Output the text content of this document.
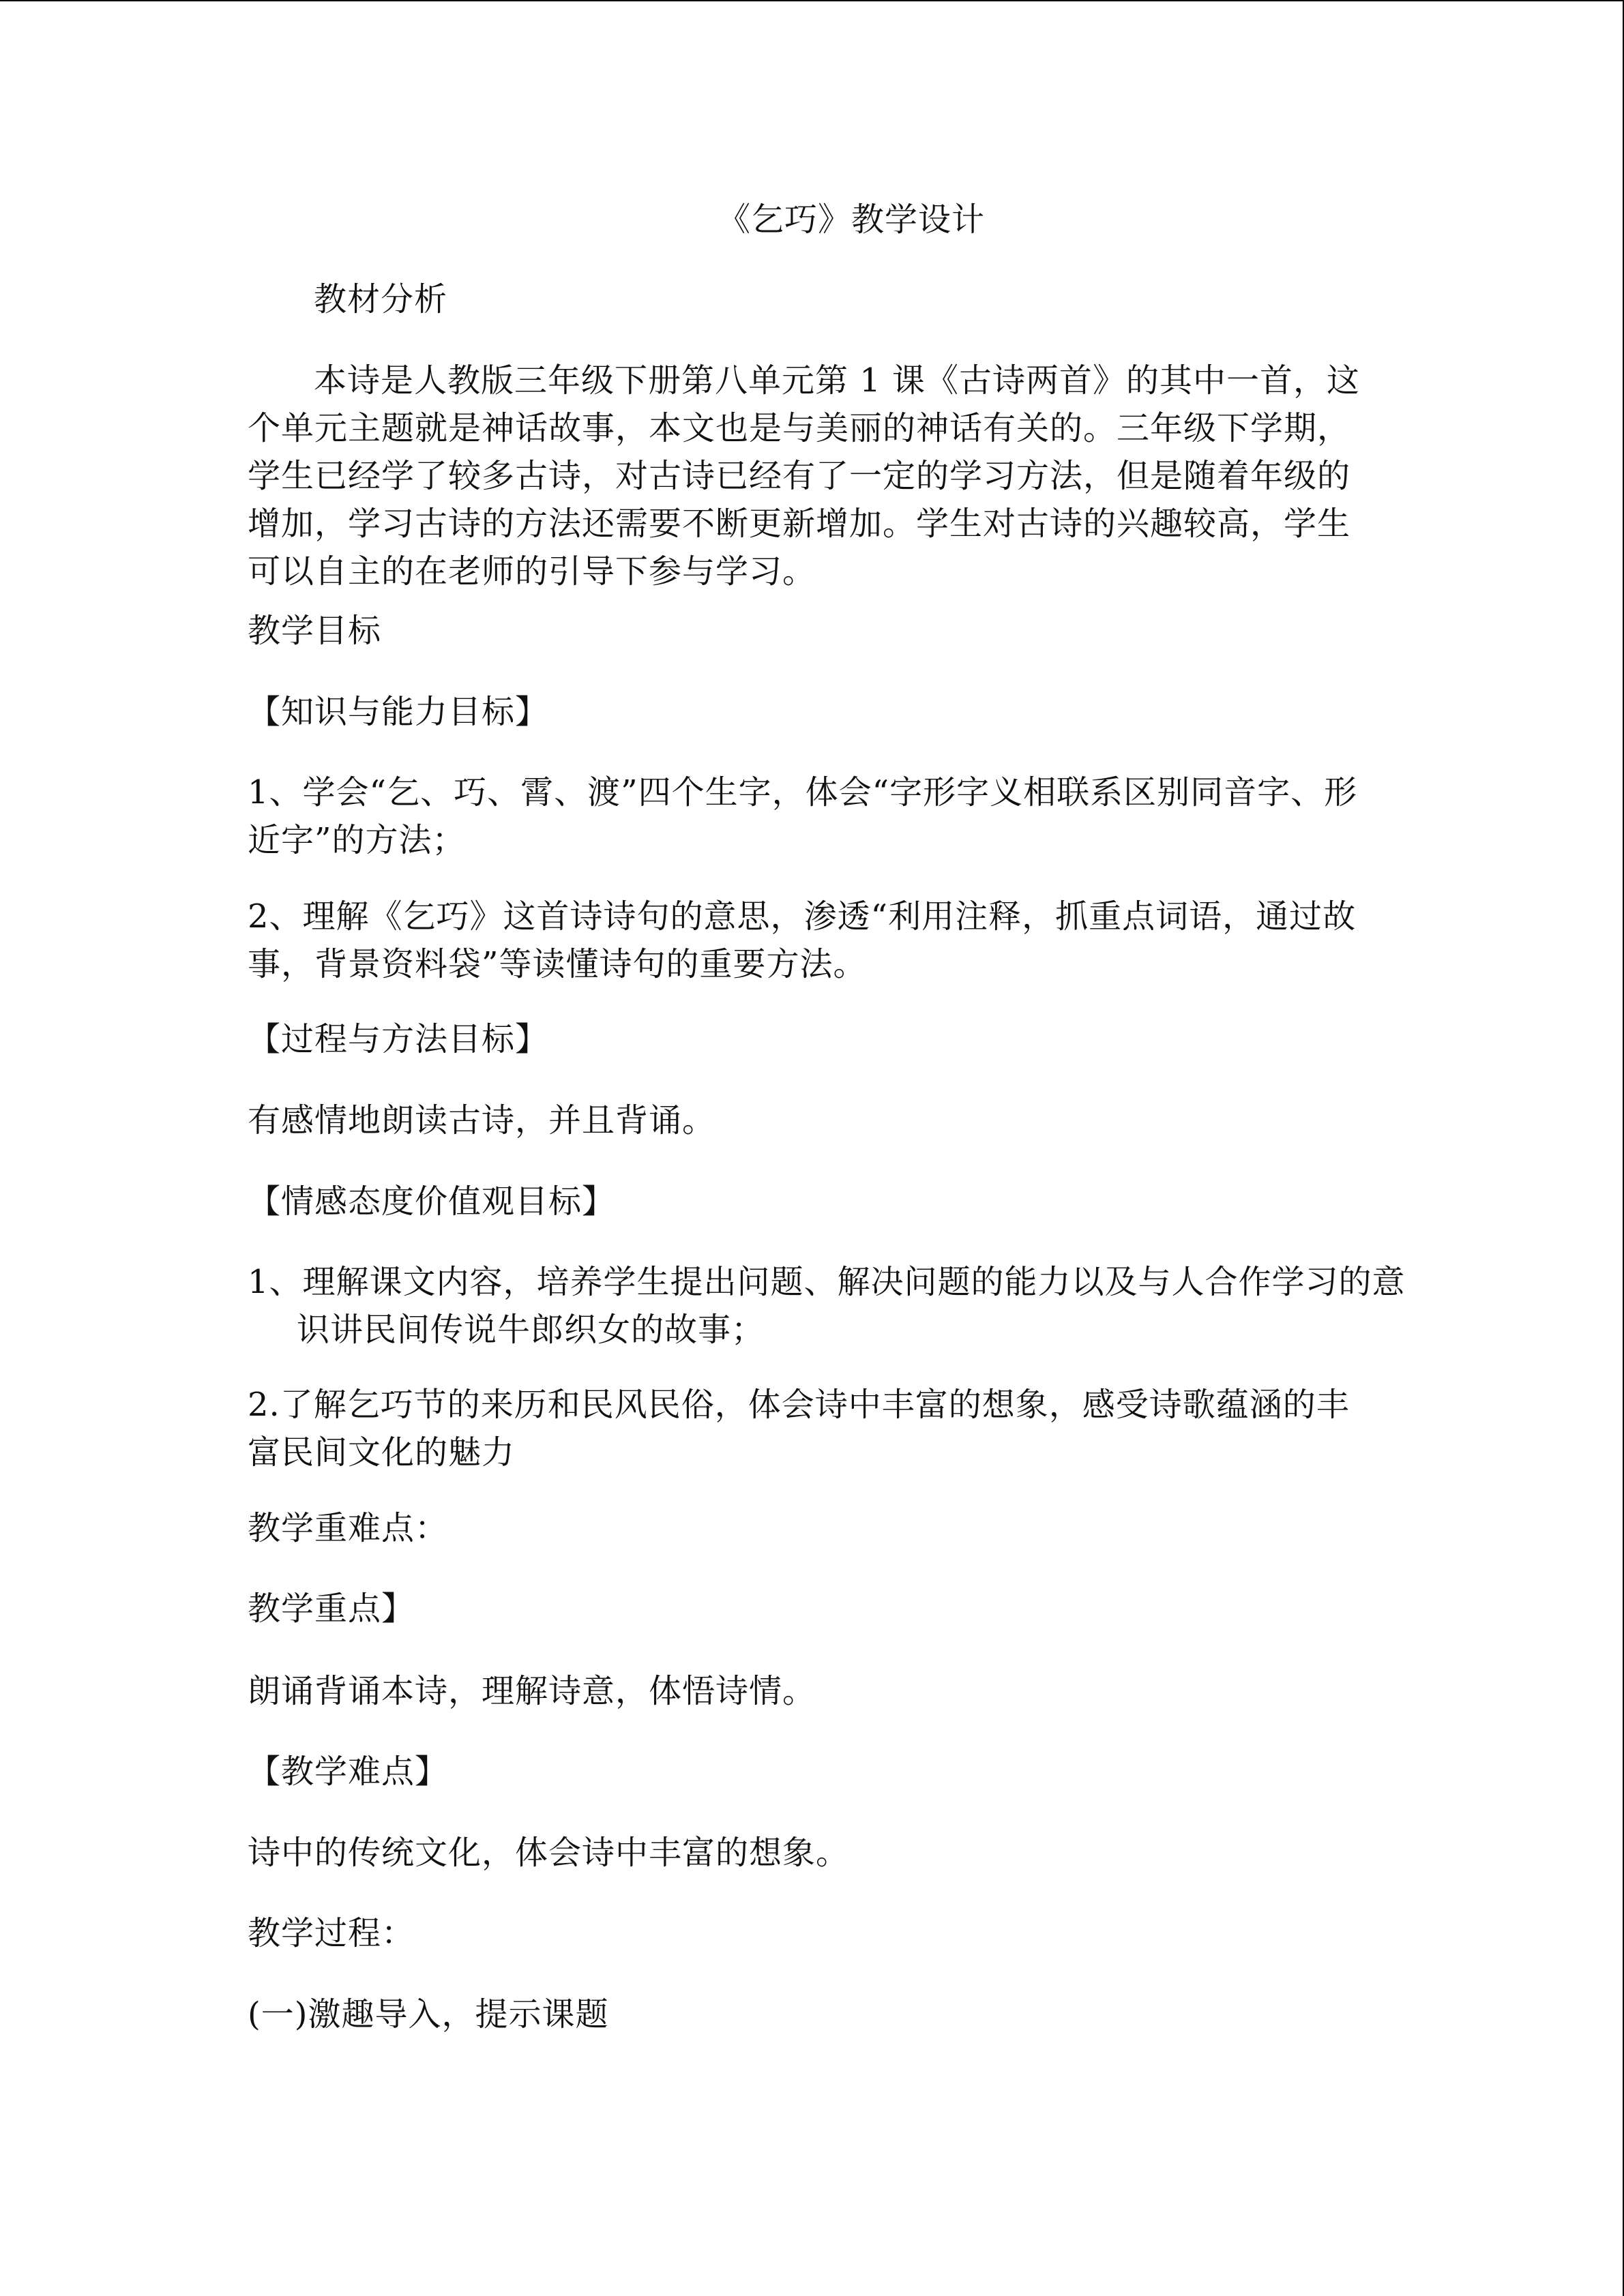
《乞巧》教学设计
教材分析
本诗是人教版三年级下册第八单元第 1 课《古诗两首》的其中一首，这个单元主题就是神话故事，本文也是与美丽的神话有关的。三年级下学期，学生已经学了较多古诗，对古诗已经有了一定的学习方法，但是随着年级的增加，学习古诗的方法还需要不断更新增加。学生对古诗的兴趣较高，学生可以自主的在老师的引导下参与学习。
教学目标
【知识与能力目标】
1、学会“乞、巧、霄、渡”四个生字，体会“字形字义相联系区别同音字、形近字”的方法；
2、理解《乞巧》这首诗诗句的意思，渗透“利用注释，抓重点词语，通过故事，背景资料袋”等读懂诗句的重要方法。
【过程与方法目标】
有感情地朗读古诗，并且背诵。
【情感态度价值观目标】
1、理解课文内容，培养学生提出问题、解决问题的能力以及与人合作学习的意识讲民间传说牛郎织女的故事；
2.了解乞巧节的来历和民风民俗，体会诗中丰富的想象，感受诗歌蕴涵的丰富民间文化的魅力
教学重难点：
教学重点】
朗诵背诵本诗，理解诗意，体悟诗情。
【教学难点】
诗中的传统文化，体会诗中丰富的想象。
教学过程：
(一)激趣导入，提示课题
